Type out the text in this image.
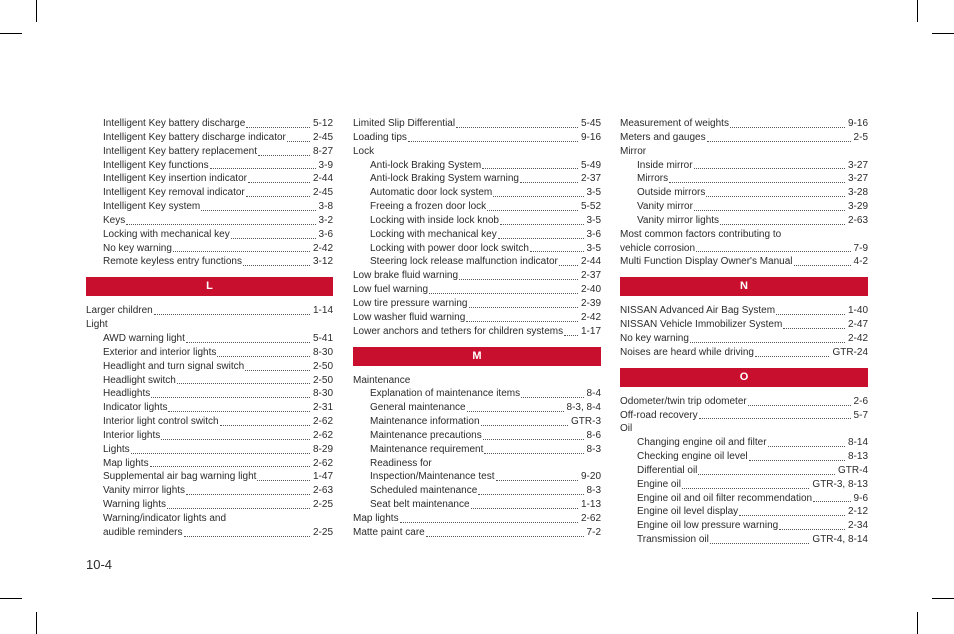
Intelligent Key battery discharge	5-12
Intelligent Key battery discharge indicator	2-45
Intelligent Key battery replacement	8-27
Intelligent Key functions	3-9
Intelligent Key insertion indicator	2-44
Intelligent Key removal indicator	2-45
Intelligent Key system	3-8
Keys	3-2
Locking with mechanical key	3-6
No key warning	2-42
Remote keyless entry functions	3-12
L
Larger children	1-14
Light
AWD warning light	5-41
Exterior and interior lights	8-30
Headlight and turn signal switch	2-50
Headlight switch	2-50
Headlights	8-30
Indicator lights	2-31
Interior light control switch	2-62
Interior lights	2-62
Lights	8-29
Map lights	2-62
Supplemental air bag warning light	1-47
Vanity mirror lights	2-63
Warning lights	2-25
Warning/indicator lights and
audible reminders	2-25
Limited Slip Differential	5-45
Loading tips	9-16
Lock
Anti-lock Braking System	5-49
Anti-lock Braking System warning	2-37
Automatic door lock system	3-5
Freeing a frozen door lock	5-52
Locking with inside lock knob	3-5
Locking with mechanical key	3-6
Locking with power door lock switch	3-5
Steering lock release malfunction indicator 2-44
Low brake fluid warning	2-37
Low fuel warning	2-40
Low tire pressure warning	2-39
Low washer fluid warning	2-42
Lower anchors and tethers for children systems 1-17
M
Maintenance
Explanation of maintenance items	8-4
General maintenance	8-3, 8-4
Maintenance information	GTR-3
Maintenance precautions	8-6
Maintenance requirement	8-3
Readiness for
Inspection/Maintenance test	9-20
Scheduled maintenance	8-3
Seat belt maintenance	1-13
Map lights	2-62
Matte paint care	7-2
Measurement of weights	9-16
Meters and gauges	2-5
Mirror
Inside mirror	3-27
Mirrors	3-27
Outside mirrors	3-28
Vanity mirror	3-29
Vanity mirror lights	2-63
Most common factors contributing to
vehicle corrosion	7-9
Multi Function Display Owner's Manual	4-2
N
NISSAN Advanced Air Bag System	1-40
NISSAN Vehicle Immobilizer System	2-47
No key warning	2-42
Noises are heard while driving	GTR-24
O
Odometer/twin trip odometer	2-6
Off-road recovery	5-7
Oil
Changing engine oil and filter	8-14
Checking engine oil level	8-13
Differential oil	GTR-4
Engine oil	GTR-3, 8-13
Engine oil and oil filter recommendation	9-6
Engine oil level display	2-12
Engine oil low pressure warning	2-34
Transmission oil	GTR-4, 8-14
10-4
